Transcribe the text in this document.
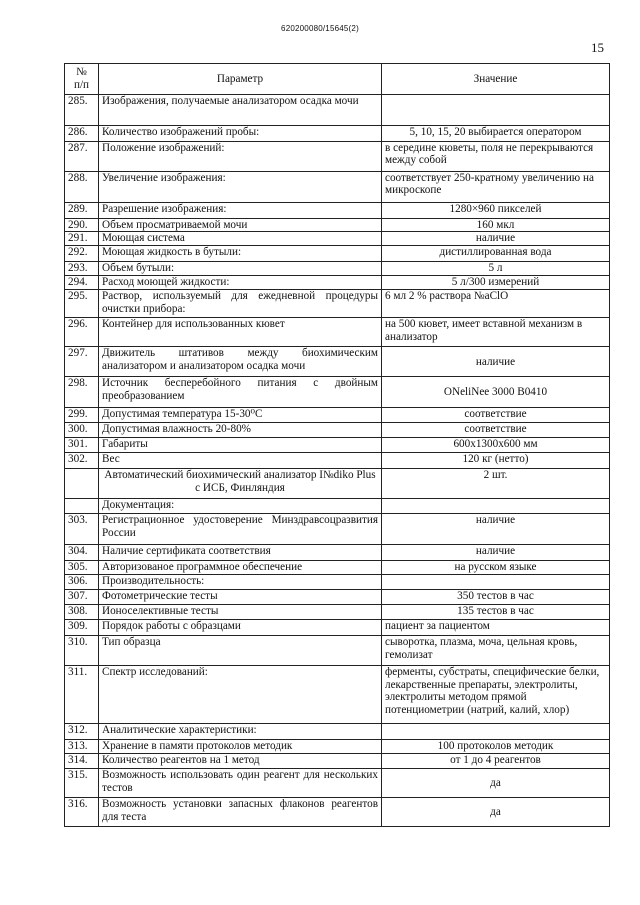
620200080/15645(2)
15
№
п/п	Параметр	Значение
285.	Изображения, получаемые анализатором осадка мочи	
286.	Количество изображений пробы:	5, 10, 15, 20 выбирается оператором
287.	Положение изображений:	в середине кюветы, поля не перекрываются между собой
288.	Увеличение изображения:	соответствует 250-кратному увеличению на микроскопе
289.	Разрешение изображения:	1280×960 пикселей
290.	Объем просматриваемой мочи	160 мкл
291.	Моющая система	наличие
292.	Моющая жидкость в бутыли:	дистиллированная вода
293.	Объем бутыли:	5 л
294.	Расход моющей жидкости:	5 л/300 измерений
295.	Раствор, используемый для ежедневной процедуры очистки прибора:	6 мл 2 % раствора №aClO
296.	Контейнер для использованных кювет	на 500 кювет, имеет вставной механизм в анализатор
297.	Движитель штативов между биохимическим анализатором и анализатором осадка мочи	наличие
298.	Источник бесперебойного питания с двойным преобразованием	ONeliNee 3000 B0410
299.	Допустимая температура 15-30⁰С	соответствие
300.	Допустимая влажность 20-80%	соответствие
301.	Габариты	600x1300x600 мм
302.	Вес	120 кг (нетто)
	Автоматический биохимический анализатор I№diko Plus с ИСБ, Финляндия	2 шт.
	Документация:	
303.	Регистрационное удостоверение Минздравсоцразвития России	наличие
304.	Наличие сертификата соответствия	наличие
305.	Авторизованое программное обеспечение	на русском языке
306.	Производительность:	
307.	Фотометрические тесты	350 тестов в час
308.	Ионоселективные тесты	135 тестов в час
309.	Порядок работы с образцами	пациент за пациентом
310.	Тип образца	сыворотка, плазма, моча, цельная кровь, гемолизат
311.	Спектр исследований:	ферменты, субстраты, специфические белки, лекарственные препараты, электролиты, электролиты методом прямой потенциометрии (натрий, калий, хлор)
312.	Аналитические характеристики:	
313.	Хранение в памяти протоколов методик	100 протоколов методик
314.	Количество реагентов на 1 метод	от 1 до 4 реагентов
315.	Возможность использовать один реагент для нескольких тестов	да
316.	Возможность установки запасных флаконов реагентов для теста	да
